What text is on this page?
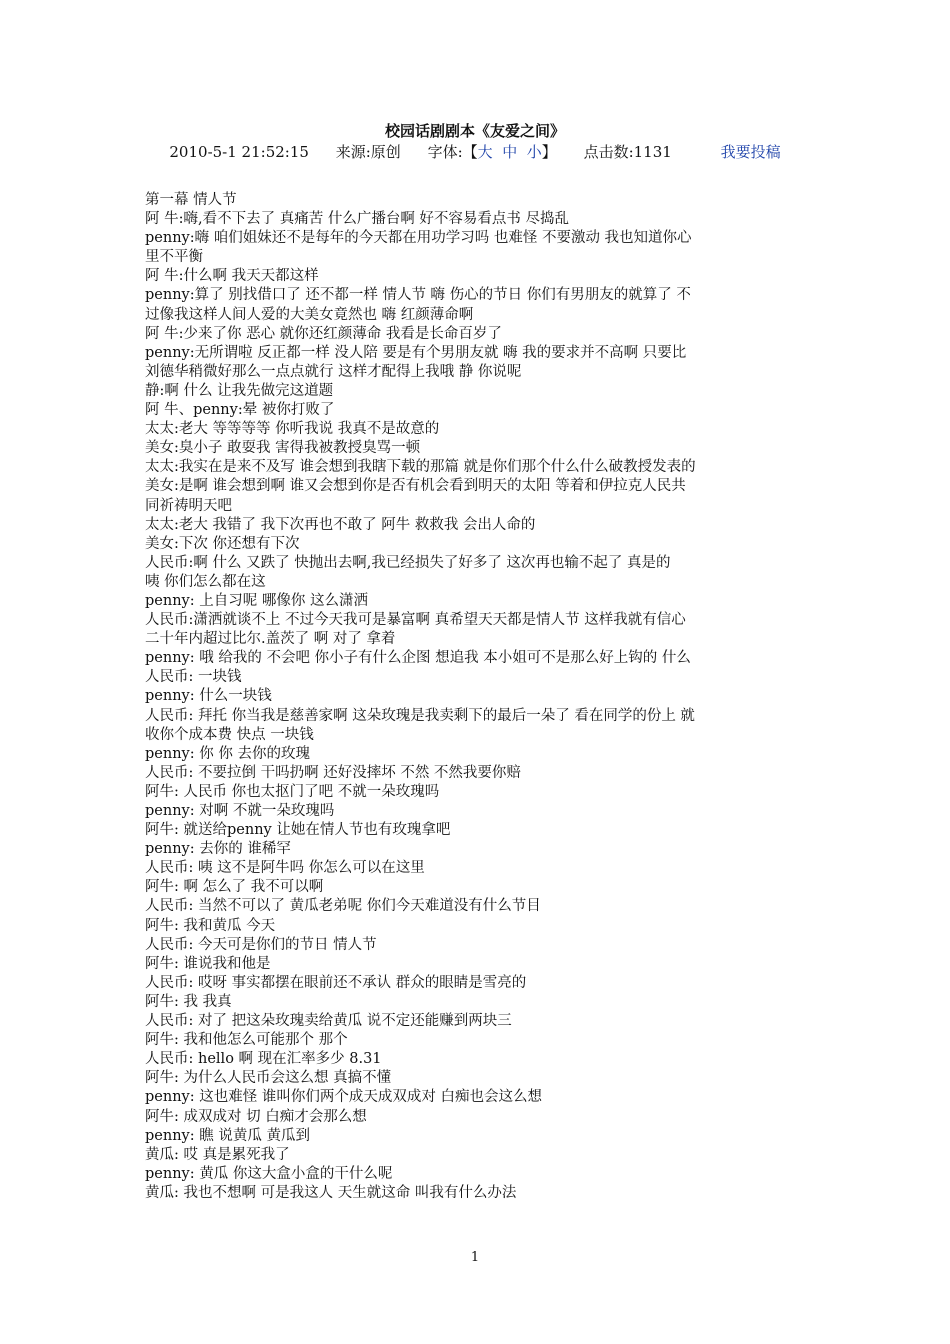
校园话剧剧本《友爱之间》
2010-5-1 21:52:15 来源:原创 字体:【大 中 小】 点击数:1131	我要投稿
第一幕 情人节
阿 牛:嗨,看不下去了 真痛苦 什么广播台啊 好不容易看点书 尽捣乱
penny:嗨 咱们姐妹还不是每年的今天都在用功学习吗 也难怪 不要激动 我也知道你心
里不平衡
阿 牛:什么啊 我天天都这样
penny:算了 别找借口了 还不都一样 情人节 嗨 伤心的节日 你们有男朋友的就算了 不
过像我这样人间人爱的大美女竟然也 嗨 红颜薄命啊
阿 牛:少来了你 恶心 就你还红颜薄命 我看是长命百岁了
penny:无所谓啦 反正都一样 没人陪 要是有个男朋友就 嗨 我的要求并不高啊 只要比
刘德华稍微好那么一点点就行 这样才配得上我哦 静 你说呢
静:啊 什么 让我先做完这道题
阿 牛、penny:晕 被你打败了
太太:老大 等等等等 你听我说 我真不是故意的
美女:臭小子 敢耍我 害得我被教授臭骂一顿
太太:我实在是来不及写 谁会想到我瞎下载的那篇 就是你们那个什么什么破教授发表的
美女:是啊 谁会想到啊 谁又会想到你是否有机会看到明天的太阳 等着和伊拉克人民共
同祈祷明天吧
太太:老大 我错了 我下次再也不敢了 阿牛 救救我 会出人命的
美女:下次 你还想有下次
人民币:啊 什么 又跌了 快抛出去啊,我已经损失了好多了 这次再也输不起了 真是的
咦 你们怎么都在这
penny: 上自习呢 哪像你 这么潇洒
人民币:潇洒就谈不上 不过今天我可是暴富啊 真希望天天都是情人节 这样我就有信心
二十年内超过比尔.盖茨了 啊 对了 拿着
penny: 哦 给我的 不会吧 你小子有什么企图 想追我 本小姐可不是那么好上钩的 什么
人民币: 一块钱
penny: 什么一块钱
人民币: 拜托 你当我是慈善家啊 这朵玫瑰是我卖剩下的最后一朵了 看在同学的份上 就
收你个成本费 快点 一块钱
penny: 你 你 去你的玫瑰
人民币: 不要拉倒 干吗扔啊 还好没摔坏 不然 不然我要你赔
阿牛: 人民币 你也太抠门了吧 不就一朵玫瑰吗
penny: 对啊 不就一朵玫瑰吗
阿牛: 就送给penny 让她在情人节也有玫瑰拿吧
penny: 去你的 谁稀罕
人民币: 咦 这不是阿牛吗 你怎么可以在这里
阿牛: 啊 怎么了 我不可以啊
人民币: 当然不可以了 黄瓜老弟呢 你们今天难道没有什么节目
阿牛: 我和黄瓜 今天
人民币: 今天可是你们的节日 情人节
阿牛: 谁说我和他是
人民币: 哎呀 事实都摆在眼前还不承认 群众的眼睛是雪亮的
阿牛: 我 我真
人民币: 对了 把这朵玫瑰卖给黄瓜 说不定还能赚到两块三
阿牛: 我和他怎么可能那个 那个
人民币: hello 啊 现在汇率多少 8.31
阿牛: 为什么人民币会这么想 真搞不懂
penny: 这也难怪 谁叫你们两个成天成双成对 白痴也会这么想
阿牛: 成双成对 切 白痴才会那么想
penny: 瞧 说黄瓜 黄瓜到
黄瓜: 哎 真是累死我了
penny: 黄瓜 你这大盒小盒的干什么呢
黄瓜: 我也不想啊 可是我这人 天生就这命 叫我有什么办法
1
